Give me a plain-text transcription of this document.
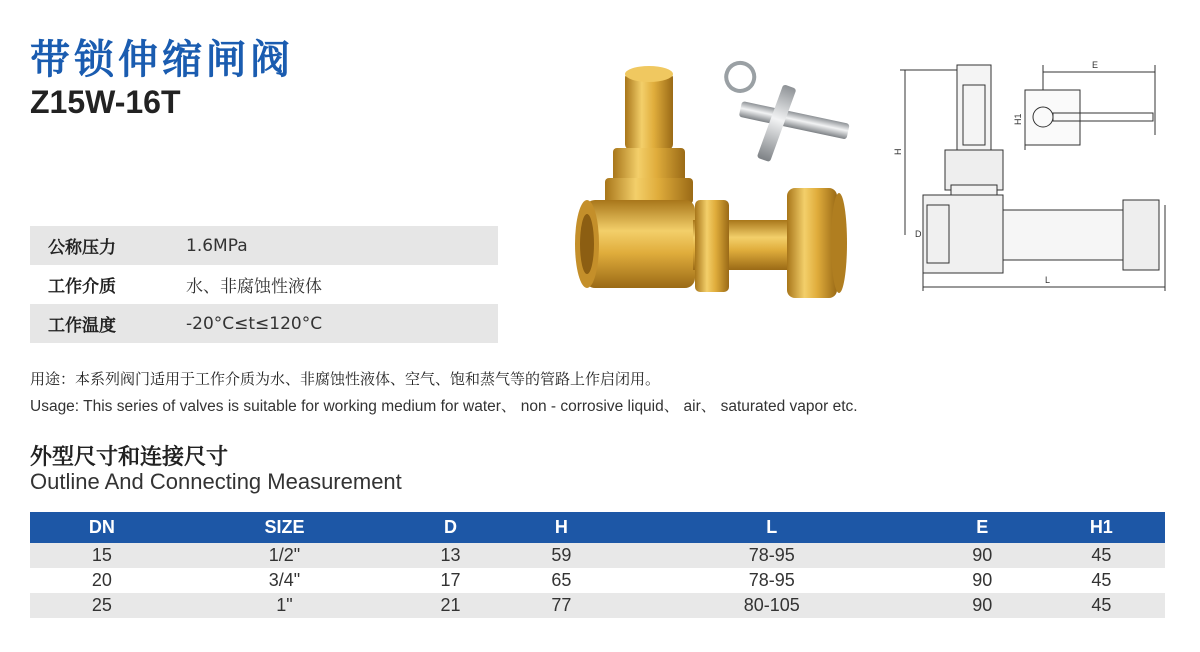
带锁伸缩闸阀
Z15W-16T
公称压力	1.6MPa
工作介质	水、非腐蚀性液体
工作温度	-20°C≤t≤120°C
E
H1
H
D
L
用途：本系列阀门适用于工作介质为水、非腐蚀性液体、空气、饱和蒸气等的管路上作启闭用。
Usage: This series of valves is suitable for working medium for water、 non - corrosive liquid、 air、 saturated vapor etc.
外型尺寸和连接尺寸
Outline And Connecting Measurement
DN	SIZE	D	H	L	E	H1
15	1/2"	13	59	78-95	90	45
20	3/4"	17	65	78-95	90	45
25	1"	21	77	80-105	90	45
